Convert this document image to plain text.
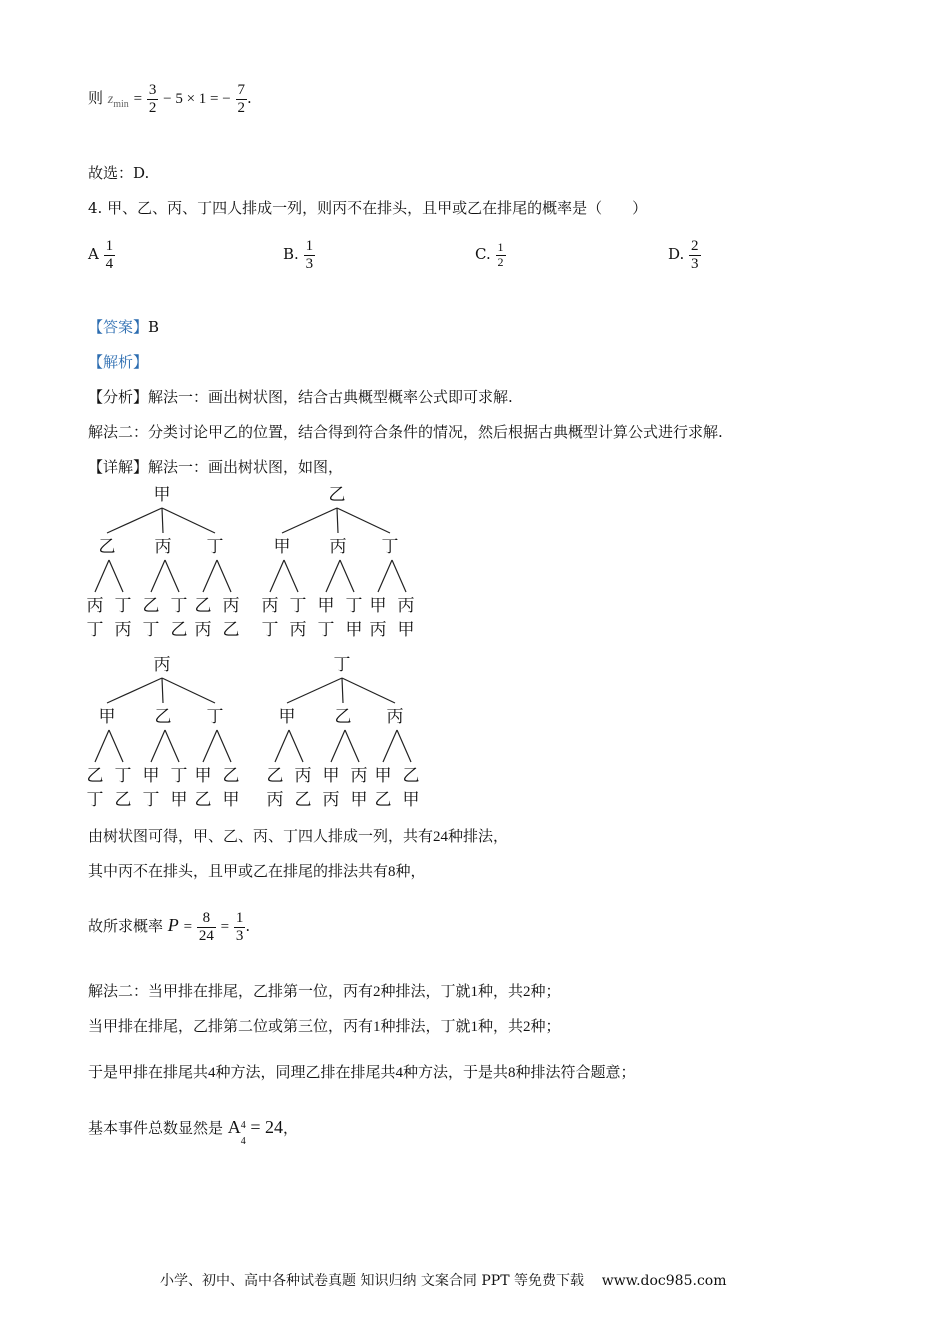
则 $z_{min} = \frac{3}{2} - 5 \times 1$ = − $\frac{7}{2}$ .
故选：D.
4. 甲、乙、丙、丁四人排成一列，则丙不在排头，且甲或乙在排尾的概率是（　　）
A $\frac{1}{4}$	B. $\frac{1}{3}$	C. $\frac{1}{2}$	D. $\frac{2}{3}$
【答案】B
【解析】
【分析】解法一：画出树状图，结合古典概型概率公式即可求解.
解法二：分类讨论甲乙的位置，结合得到符合条件的情况，然后根据古典概型计算公式进行求解.
【详解】解法一：画出树状图，如图，
甲
乙
丙
丁
丁
丙
丙
乙
丁
丁
乙
丁
乙
丙
丙
乙
乙
甲
丙
丁
丁
丙
丙
甲
丁
丁
甲
丁
甲
丙
丙
甲
丙
甲
乙
丁
丁
乙
乙
甲
丁
丁
甲
丁
甲
乙
乙
甲
丁
甲
乙
丙
丙
乙
乙
甲
丙
丙
甲
丙
甲
乙
乙
甲
由树状图可得，甲、乙、丙、丁四人排成一列，共有24种排法，
其中丙不在排头，且甲或乙在排尾的排法共有8种，
故所求概率 $P = \frac{8}{24} = \frac{1}{3}$ .
解法二：当甲排在排尾，乙排第一位，丙有2种排法，丁就1种，共2种；
当甲排在排尾，乙排第二位或第三位，丙有1种排法，丁就1种，共2种；
于是甲排在排尾共4种方法，同理乙排在排尾共4种方法，于是共8种排法符合题意；
基本事件总数显然是 A 4
4
= 24，
小学、初中、高中各种试卷真题 知识归纳 文案合同 PPT 等免费下载 www.doc985.com
